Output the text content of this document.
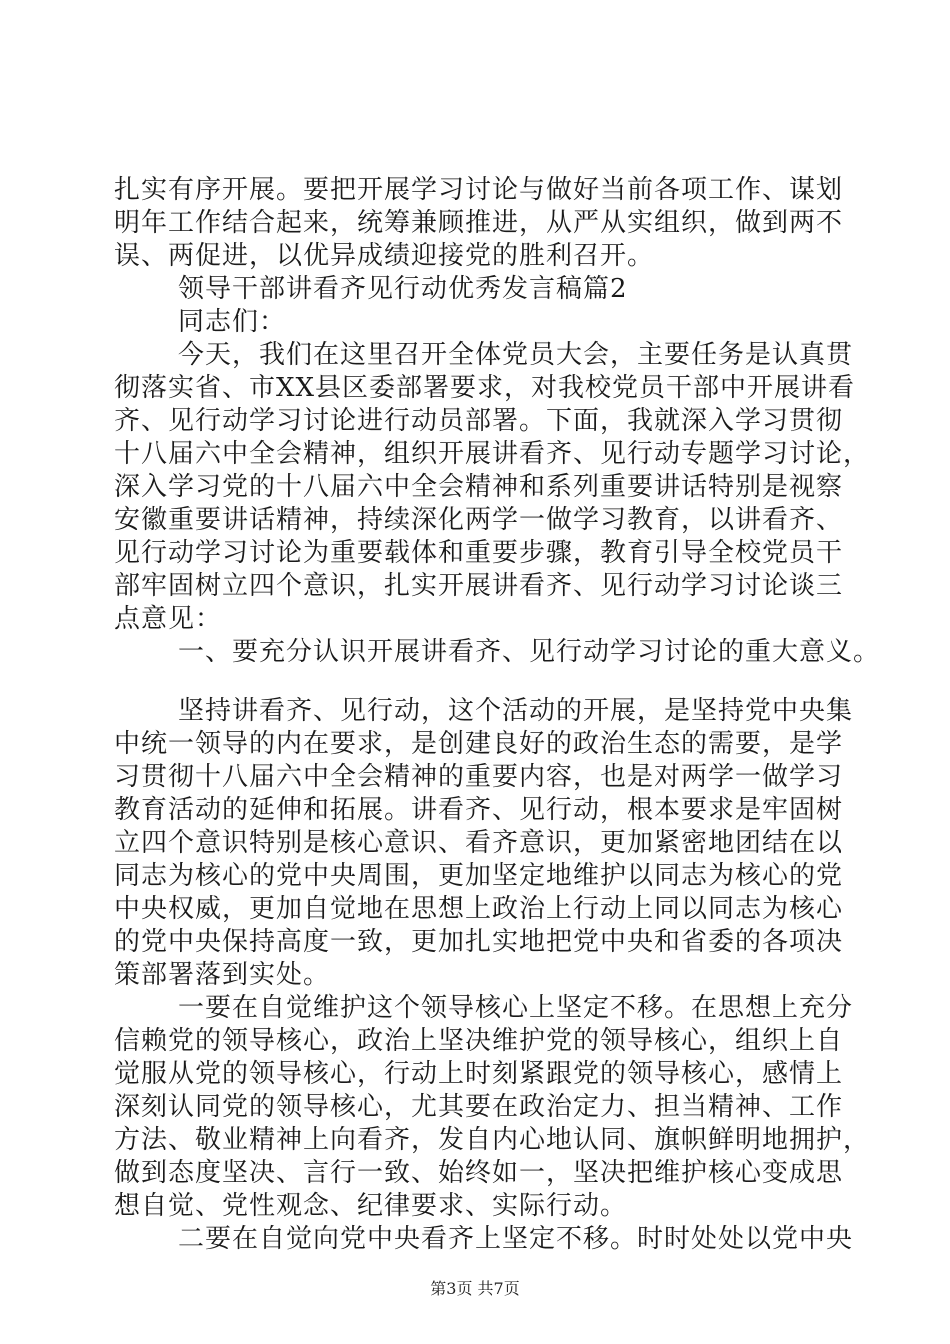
扎实有序开展。要把开展学习讨论与做好当前各项工作、谋划
明年工作结合起来，统筹兼顾推进，从严从实组织，做到两不
误、两促进，以优异成绩迎接党的胜利召开。
领导干部讲看齐见行动优秀发言稿篇2
同志们：
今天，我们在这里召开全体党员大会，主要任务是认真贯
彻落实省、市XX县区委部署要求，对我校党员干部中开展讲看
齐、见行动学习讨论进行动员部署。下面，我就深入学习贯彻
十八届六中全会精神，组织开展讲看齐、见行动专题学习讨论，
深入学习党的十八届六中全会精神和系列重要讲话特别是视察
安徽重要讲话精神，持续深化两学一做学习教育，以讲看齐、
见行动学习讨论为重要载体和重要步骤，教育引导全校党员干
部牢固树立四个意识，扎实开展讲看齐、见行动学习讨论谈三
点意见：
一、要充分认识开展讲看齐、见行动学习讨论的重大意义。
坚持讲看齐、见行动，这个活动的开展，是坚持党中央集
中统一领导的内在要求，是创建良好的政治生态的需要，是学
习贯彻十八届六中全会精神的重要内容，也是对两学一做学习
教育活动的延伸和拓展。讲看齐、见行动，根本要求是牢固树
立四个意识特别是核心意识、看齐意识，更加紧密地团结在以
同志为核心的党中央周围，更加坚定地维护以同志为核心的党
中央权威，更加自觉地在思想上政治上行动上同以同志为核心
的党中央保持高度一致，更加扎实地把党中央和省委的各项决
策部署落到实处。
一要在自觉维护这个领导核心上坚定不移。在思想上充分
信赖党的领导核心，政治上坚决维护党的领导核心，组织上自
觉服从党的领导核心，行动上时刻紧跟党的领导核心，感情上
深刻认同党的领导核心，尤其要在政治定力、担当精神、工作
方法、敬业精神上向看齐，发自内心地认同、旗帜鲜明地拥护，
做到态度坚决、言行一致、始终如一，坚决把维护核心变成思
想自觉、党性观念、纪律要求、实际行动。
二要在自觉向党中央看齐上坚定不移。时时处处以党中央
第3页 共7页
